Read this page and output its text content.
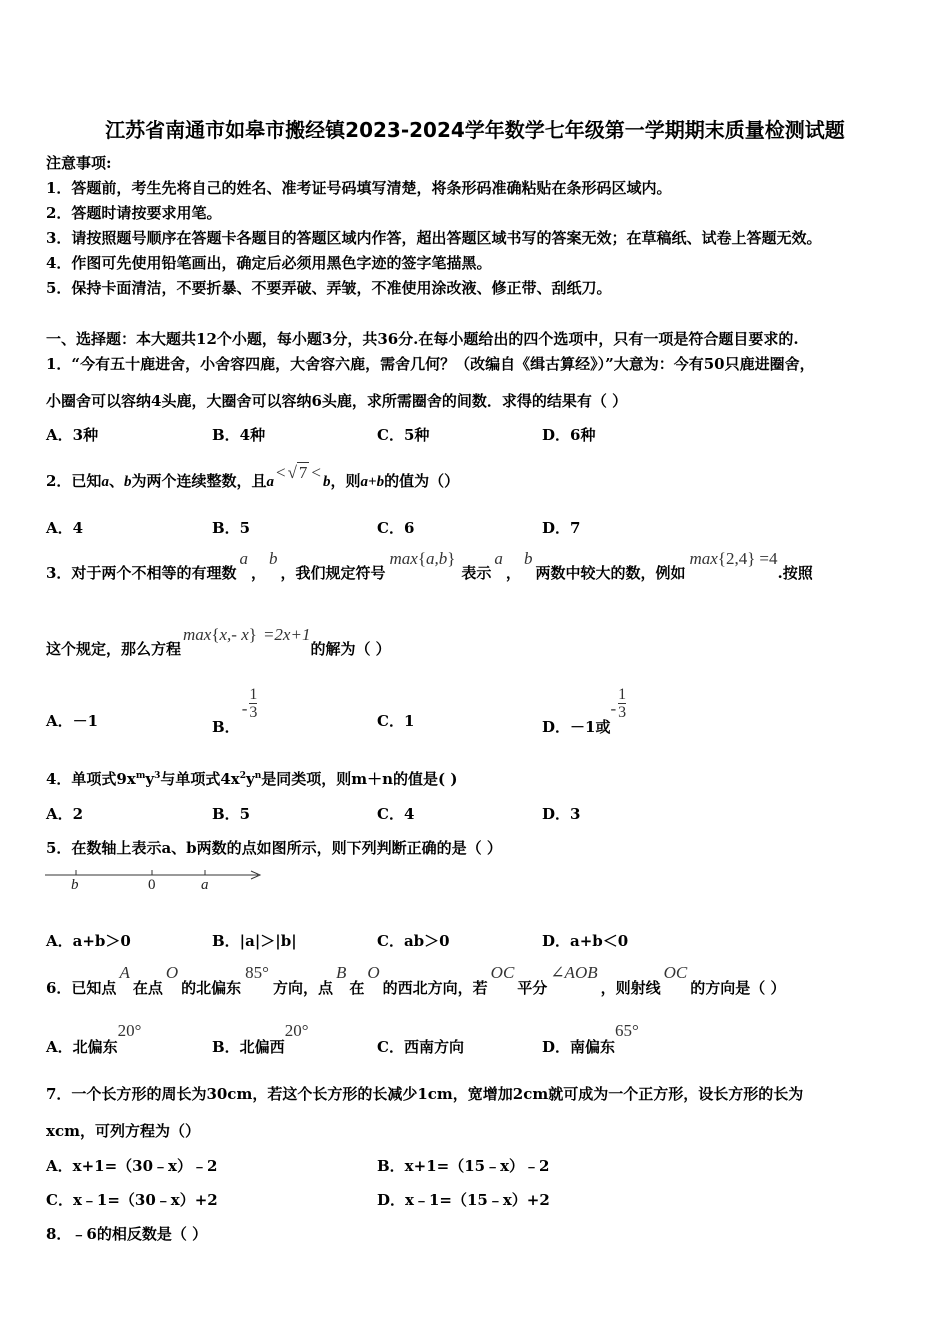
江苏省南通市如皋市搬经镇2023-2024学年数学七年级第一学期期末质量检测试题
注意事项:
1．答题前，考生先将自己的姓名、准考证号码填写清楚，将条形码准确粘贴在条形码区域内。
2．答题时请按要求用笔。
3．请按照题号顺序在答题卡各题目的答题区域内作答，超出答题区域书写的答案无效；在草稿纸、试卷上答题无效。
4．作图可先使用铅笔画出，确定后必须用黑色字迹的签字笔描黑。
5．保持卡面清洁，不要折暴、不要弄破、弄皱，不准使用涂改液、修正带、刮纸刀。
一、选择题：本大题共12个小题，每小题3分，共36分.在每小题给出的四个选项中，只有一项是符合题目要求的.
1．“今有五十鹿进舍，小舍容四鹿，大舍容六鹿，需舍几何？（改编自《缉古算经》）”大意为：今有50只鹿进圈舍，
小圈舍可以容纳4头鹿，大圈舍可以容纳6头鹿，求所需圈舍的间数．求得的结果有（ ）
A．3种	B．4种	C．5种	D．6种
2．已知a、b为两个连续整数，且a < √ 7 < b，则a+b的值为（）
A．4	B．5	C．6	D．7
3．对于两个不相等的有理数a，b，我们规定符号max{a,b}表示a，b两数中较大的数，例如max{2,4} =4.按照
这个规定，那么方程max{x,- x} =2x+1的解为（ ）
A．－1	B．- $\frac{1}{3}$	C．1	D．－1或- $\frac{1}{3}$
4．单项式$9x^my^3$与单项式$4x^2y^n$是同类项，则m＋n的值是( )
A．2	B．5	C．4	D．3
5．在数轴上表示a、b两数的点如图所示，则下列判断正确的是（ ）
b	0	a
A．a+b＞0	B．|a|＞|b|	C．ab＞0	D．a+b＜0
6．已知点A在点O的北偏东85°方向，点B在O的西北方向，若OC平分∠AOB，则射线OC的方向是（ ）
A．北偏东20°
B．北偏西20°
C．西南方向	D．南偏东65°
7．一个长方形的周长为30cm，若这个长方形的长减少1cm，宽增加2cm就可成为一个正方形，设长方形的长为
xcm，可列方程为（）
A．x+1=（30﹣x）﹣2	B．x+1=（15﹣x）﹣2
C．x﹣1=（30﹣x）+2	D．x﹣1=（15﹣x）+2
8．﹣6的相反数是（ ）
